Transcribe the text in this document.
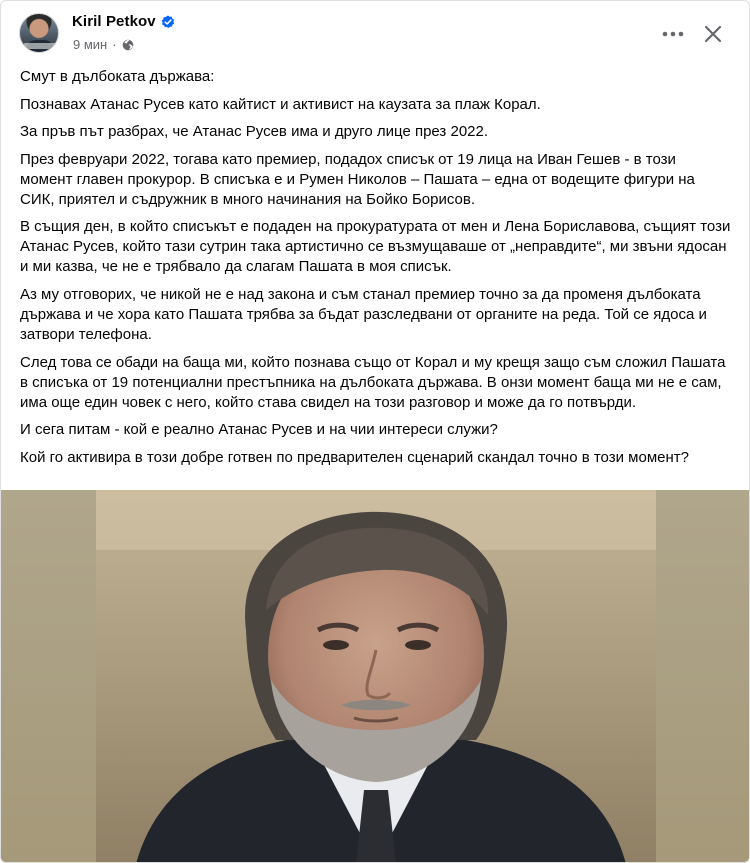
Kiril Petkov
9 мин ·

Смут в дълбоката държава:

Познавах Атанас Русев като кайтист и активист на каузата за плаж Корал.

За пръв път разбрах, че Атанас Русев има и друго лице през 2022.

През февруари 2022, тогава като премиер, подадох списък от 19 лица на Иван Гешев - в този момент главен прокурор. В списъка е и Румен Николов – Пашата – една от водещите фигури на СИК, приятел и съдружник в много начинания на Бойко Борисов.

В същия ден, в който списъкът е подаден на прокуратурата от мен и Лена Бориславова, същият този Атанас Русев, който тази сутрин така артистично се възмущаваше от „неправдите“, ми звъни ядосан и ми казва, че не е трябвало да слагам Пашата в моя списък.

Аз му отговорих, че никой не е над закона и съм станал премиер точно за да променя дълбоката държава и че хора като Пашата трябва за бъдат разследвани от органите на реда. Той се ядоса и затвори телефона.

След това се обади на баща ми, който познава също от Корал и му крещя защо съм сложил Пашата в списъка от 19 потенциални престъпника на дълбоката държава. В онзи момент баща ми не е сам, има още един човек с него, който става свидел на този разговор и може да го потвърди.

И сега питам - кой е реално Атанас Русев и на чии интереси служи?

Кой го активира в този добре готвен по предварителен сценарий скандал точно в този момент?
